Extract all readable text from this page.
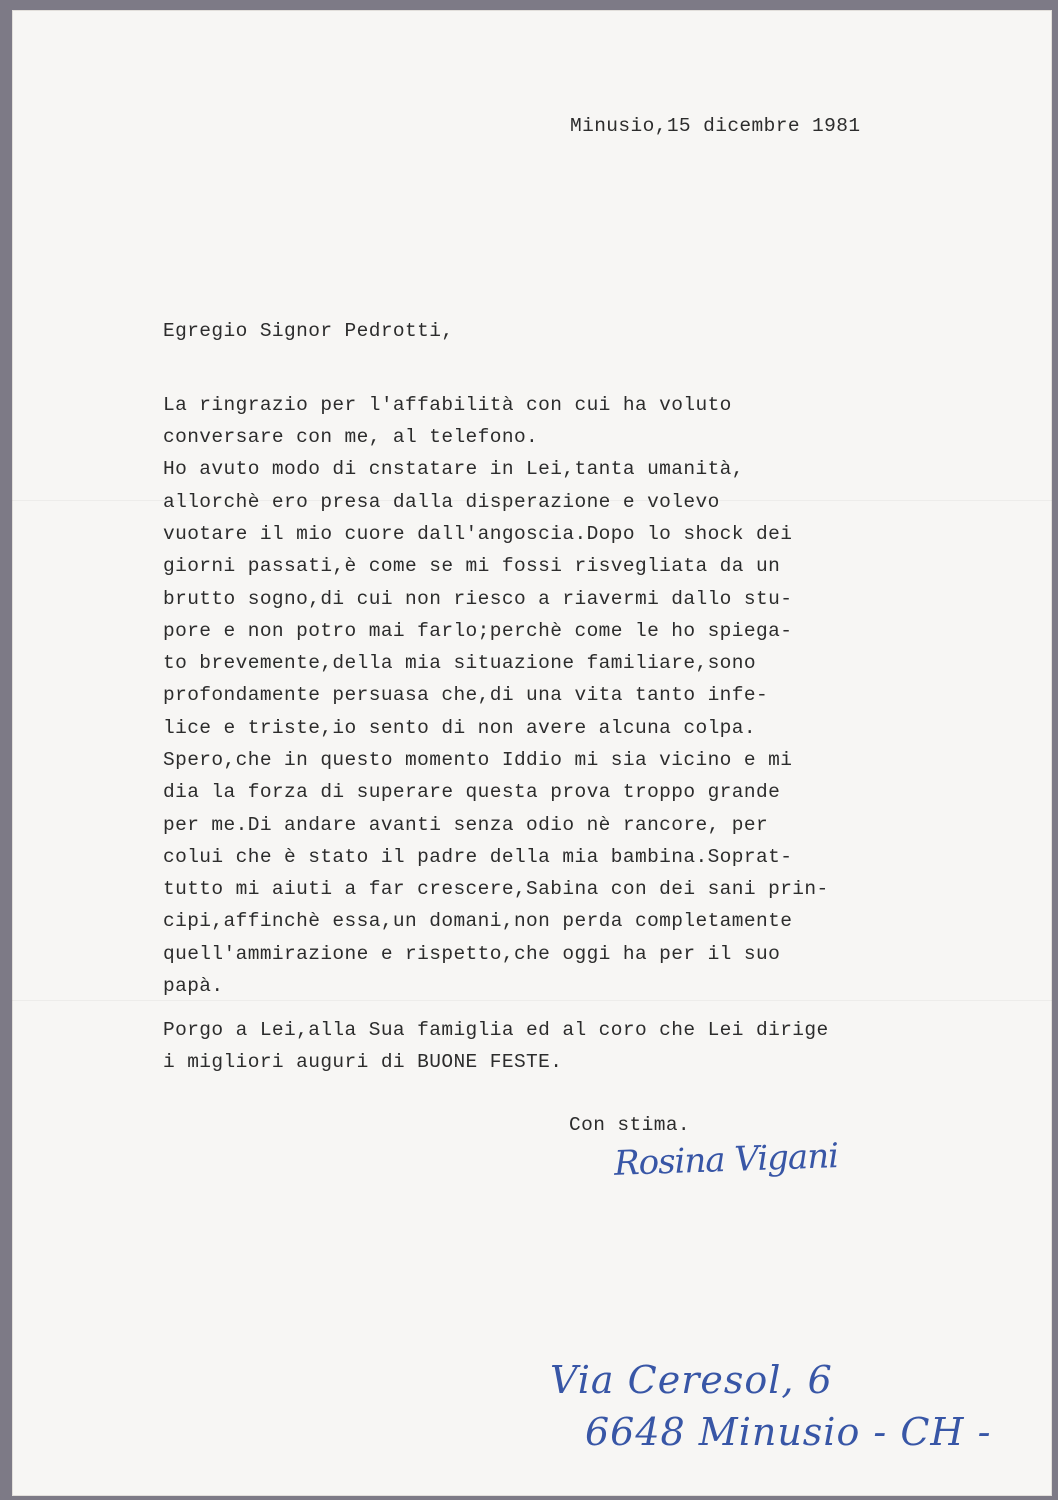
Minusio,15 dicembre 1981

Egregio Signor Pedrotti,

La ringrazio per l'affabilità con cui ha voluto

conversare con me, al telefono.

Ho avuto modo di cnstatare in Lei,tanta umanità,

allorchè ero presa dalla disperazione e volevo

vuotare il mio cuore dall'angoscia.Dopo lo shock dei

giorni passati,è come se mi fossi risvegliata da un

brutto sogno,di cui non riesco a riavermi dallo stu-

pore e non potro mai farlo;perchè come le ho spiega-

to brevemente,della mia situazione familiare,sono

profondamente persuasa che,di una vita tanto infe-

lice e triste,io sento di non avere alcuna colpa.

Spero,che in questo momento Iddio mi sia vicino e mi

dia la forza di superare questa prova troppo grande

per me.Di andare avanti senza odio nè rancore, per

colui che è stato il padre della mia bambina.Soprat-

tutto mi aiuti a far crescere,Sabina con dei sani prin-

cipi,affinchè essa,un domani,non perda completamente

quell'ammirazione e rispetto,che oggi ha per il suo

papà.

Porgo a Lei,alla Sua famiglia ed al coro che Lei dirige

i migliori auguri di BUONE FESTE.

Con stima.

Rosina Vigani
Via Ceresol, 6
6648 Minusio - CH -
